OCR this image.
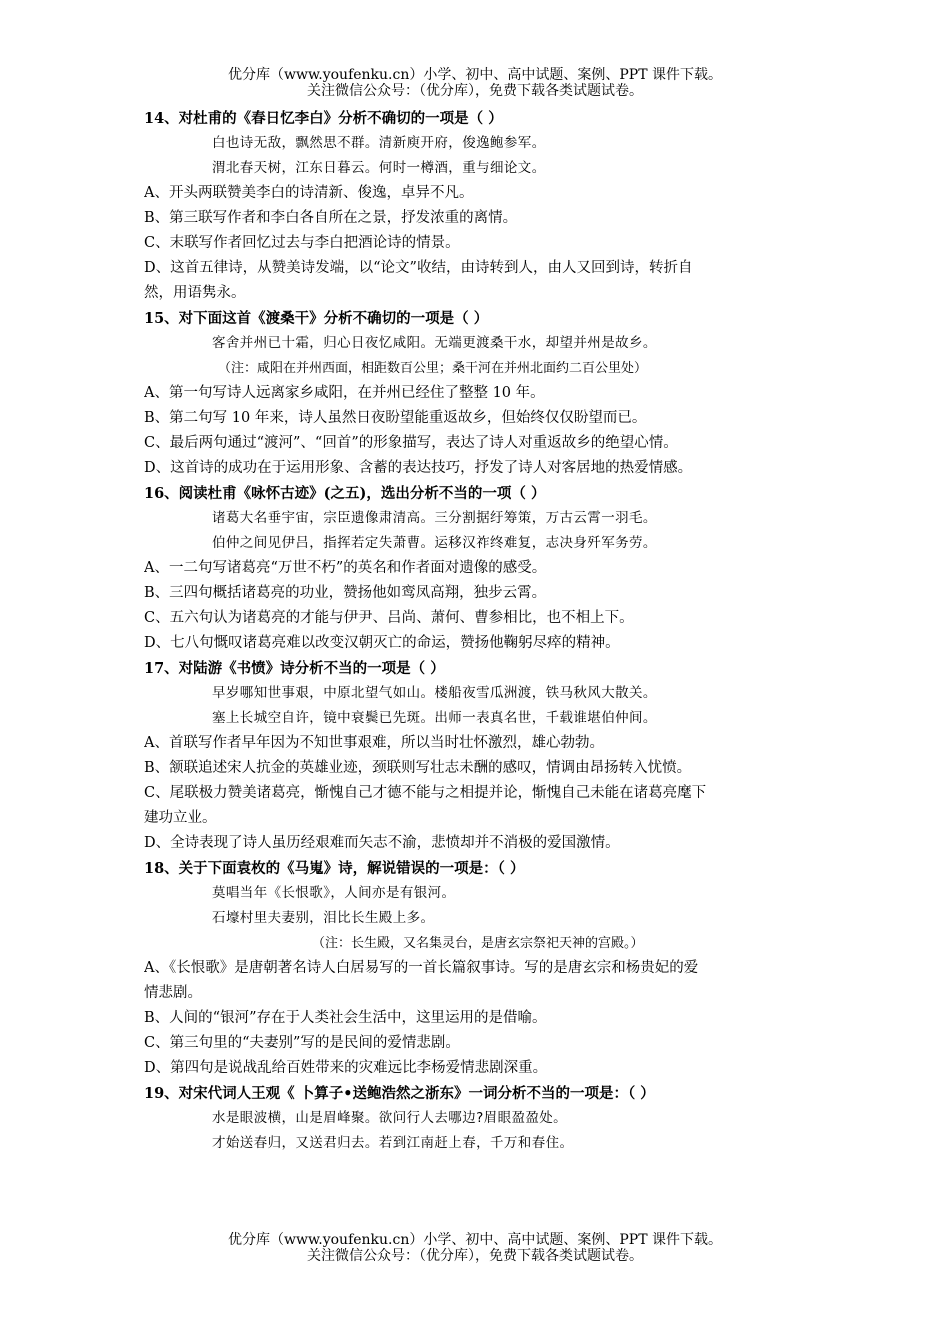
优分库（www.youfenku.cn）小学、初中、高中试题、案例、PPT 课件下载。
关注微信公众号：（优分库），免费下载各类试题试卷。
14、对杜甫的《春日忆李白》分析不确切的一项是（ ）
白也诗无敌，飘然思不群。清新庾开府，俊逸鲍参军。
渭北春天树，江东日暮云。何时一樽酒，重与细论文。
A、开头两联赞美李白的诗清新、俊逸，卓异不凡。
B、第三联写作者和李白各自所在之景，抒发浓重的离情。
C、末联写作者回忆过去与李白把酒论诗的情景。
D、这首五律诗，从赞美诗发端，以“论文”收结，由诗转到人，由人又回到诗，转折自
然，用语隽永。
15、对下面这首《渡桑干》分析不确切的一项是（ ）
客舍并州已十霜，归心日夜忆咸阳。无端更渡桑干水，却望并州是故乡。
（注：咸阳在并州西面，相距数百公里；桑干河在并州北面约二百公里处）
A、第一句写诗人远离家乡咸阳，在并州已经住了整整 10 年。
B、第二句写 10 年来，诗人虽然日夜盼望能重返故乡，但始终仅仅盼望而已。
C、最后两句通过“渡河”、“回首”的形象描写，表达了诗人对重返故乡的绝望心情。
D、这首诗的成功在于运用形象、含蓄的表达技巧，抒发了诗人对客居地的热爱情感。
16、阅读杜甫《咏怀古迹》(之五)，选出分析不当的一项（ ）
诸葛大名垂宇宙，宗臣遗像肃清高。三分割据纡筹策，万古云霄一羽毛。
伯仲之间见伊吕，指挥若定失萧曹。运移汉祚终难复，志决身歼军务劳。
A、一二句写诸葛亮“万世不朽”的英名和作者面对遗像的感受。
B、三四句概括诸葛亮的功业，赞扬他如鸾凤高翔，独步云霄。
C、五六句认为诸葛亮的才能与伊尹、吕尚、萧何、曹参相比，也不相上下。
D、七八句慨叹诸葛亮难以改变汉朝灭亡的命运，赞扬他鞠躬尽瘁的精神。
17、对陆游《书愤》诗分析不当的一项是（ ）
早岁哪知世事艰，中原北望气如山。楼船夜雪瓜洲渡，铁马秋风大散关。
塞上长城空自许，镜中衰鬓已先斑。出师一表真名世，千载谁堪伯仲间。
A、首联写作者早年因为不知世事艰难，所以当时壮怀激烈，雄心勃勃。
B、颔联追述宋人抗金的英雄业迹，颈联则写壮志未酬的感叹，情调由昂扬转入忧愤。
C、尾联极力赞美诸葛亮，惭愧自己才德不能与之相提并论，惭愧自己未能在诸葛亮麾下
建功立业。
D、全诗表现了诗人虽历经艰难而矢志不渝，悲愤却并不消极的爱国激情。
18、关于下面袁枚的《马嵬》诗，解说错误的一项是：（ ）
莫唱当年《长恨歌》，人间亦是有银河。
石壕村里夫妻别，泪比长生殿上多。
（注：长生殿，又名集灵台，是唐玄宗祭祀天神的宫殿。）
A、《长恨歌》是唐朝著名诗人白居易写的一首长篇叙事诗。写的是唐玄宗和杨贵妃的爱
情悲剧。
B、人间的“银河”存在于人类社会生活中，这里运用的是借喻。
C、第三句里的“夫妻别”写的是民间的爱情悲剧。
D、第四句是说战乱给百姓带来的灾难远比李杨爱情悲剧深重。
19、对宋代词人王观《 卜算子•送鲍浩然之浙东》一词分析不当的一项是：（ ）
水是眼波横，山是眉峰聚。欲问行人去哪边?眉眼盈盈处。
才始送春归，又送君归去。若到江南赶上春，千万和春住。
优分库（www.youfenku.cn）小学、初中、高中试题、案例、PPT 课件下载。
关注微信公众号：（优分库），免费下载各类试题试卷。
